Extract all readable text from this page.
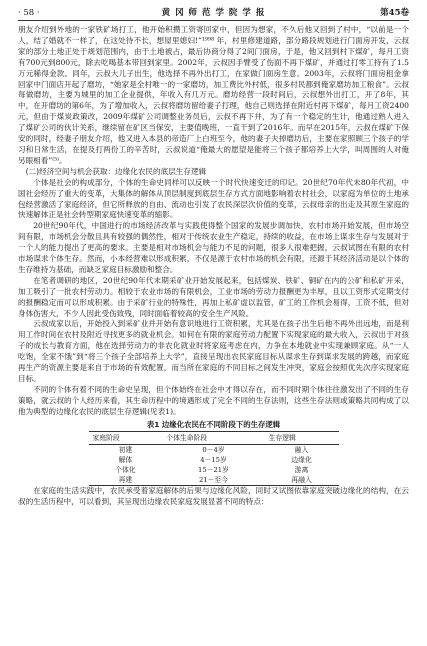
· 58 ·	黄 冈 师 范 学 院 学 报	第45卷

朋友介绍到外地的一家铁矿场打工，他开始积攒工资寄回家中，但因为想家，不久后他又回到了村中，“以前是一个人，结了婚就不一样了，在这处待不长，想屋里媳妇!”¹⁹⁹⁸ 年，村里修建道路，部分路段规划进行门面房开发，云叔家的部分土地正处于规划范围内，由于土地被占，最后协商分得了2间门面房，于是，他又回到村下煤矿，每月工资有700元到800元，除去吃喝基本带回到家里。2002年，云叔因手臂受了伤面不再下煤矿，并通过打零工持有了1.5万元稀得金款。同年，云叔大儿子出生，他选择不再外出打工，在家做门面房生意。2003年，云叔将门面房租金拿回家中门面店开起了磨坊，“她家是全村唯一的一家磨坊，加工费比外村低，很多村民都到俺家磨坊加工粮食”。云叔每做磨坊，主要为城里的加工企业提供，年收入有几万元。磨坊经营一段时间后，云叔想外出打工，开了8年，其中，在开磨坊的第6年，为了增加收入，云叔将磨坊留给妻子打理，他自己则选择在附近村再下煤矿，每月工资2400元，但由于煤炭政策改，2009年煤矿公司调整业务员后，云叔不再下井，为了有一个稳定的生计，他通过熟人进入了煤矿公司的伙计关系，继续留在矿区当保安，主要值晚班，一直干到了2016年。而早在2015年，云叔在煤矿下保安的同时，经妻子朋友介绍，他又进入本县的帝造厂上白班至今，他的妻子夫掉磨坊后，主要在家照顾三个孩子的学习和日常生活，在提及打两份工的辛苦时，云叔说道“俺最大的愿望是能将三个孩子都培养上大学，叫周围的人对俺另眼相看”⁽⁵⁾。

(二)经济空间与机会获取：边缘化农民的底层生存逻辑

个体是社会的构成部分，个体的生命史同样可以反映一个时代快速变迁的印记。20世纪70年代末80年代初，中国社会经历了重大的变革，大集体的解体从顶层制度到底层生存方式方面地影响着农村社会，以家庭为单位的土地承包经营激活了家庭经济，但它所释放的自由、流动也引发了农民深层次价值的变革，云叔母亲的出走及其原生家庭的快速解体正是社会转型期家庭快速变革的缩影。

20世纪90年代，中国进行的市场经济改革与实践使得整个国家的发展步调加快，农村市场开始发展，但市场空间有限，市场机会分散且具有较强的偶然性，相对于传统农业生产稳定，持续的收益，在市场上谋求生存与发展对于一个人的能力提出了更高的要求。主要是相对市场机会与能力不足的问题，很多人很难把握，云叔试图在有限的农村市场谋求个体生存。然而，小本经营难以形成积累，不仅是源于农村市场的机会有限，还源于其经济活动是以个体的生存维持为基础，而缺乏家庭目标激励和整合。

在笔者调研的地区，20世纪90年代末期采矿业开始发展起来，包括煤炭、铁矿、铜矿在内的公矿和私矿开采，加工吸引了一批农村劳动力。相较于农业市场的有限机会，工业市场的劳动力报酬更为丰厚，且以工资形式定期支付的报酬稳定而可以形成积累。由于采矿行业的特殊性，再加上私矿虚以监管，矿工的工作机会易得，工资不低，但对身体伤害大，不少人因此受伤致残，同时面临着较高的安全生产风险。

云叔成家以后，开始投入到采矿业并开始有意识地进行工资积累，尤其是在孩子出生后他不再外出远地，而是利用工作时间在农村及附近寻找更多的就业机会。如何在有限的家庭劳动力配置下实现家庭的最大收入，云叔出于对孩子的成长与教育方面，他在选择劳动力的非农化就业时将家庭考虑在内，力争在本地就业中实现兼顾家庭。从“一人吃饱，全家不饿”到“将三个孩子全部培养上大学”，直接呈现出农民家庭目标从谋求生存到谋求发展的跨越，而家庭再生产的资源主要是来自于市场的有效配置，而当所在家庭的不同目标之间发生冲突，家庭会按照优先次序实现家庭目标。

不同的个体有着不同的生命史呈现，但个体始终在社会中才得以存在，而不同时期个体往往激发出了不同的生存策略，就云叔的个人经历来看，其生命历程中的境遇形成了完全不同的生存法则，这些生存法则或策略共同构成了以他为典型的边缘化农民的底层生存逻辑(见表1)。

表1 边缘化农民在不同阶段下的生存逻辑
家庭阶段	个体生命阶段	生存逻辑
初建	0－4岁	融入
解体	4－15岁	边缘化
个体化	15－21岁	游离
再建	21－至今	再融入

在家庭的生活实践中，农民承受着家庭解体的后果与边缘化风险，同时又试图依靠家庭突破边缘化的结构，在云叔的生活历程中，可以看到，其呈现出边缘农民家庭发展显著不同的特点：
